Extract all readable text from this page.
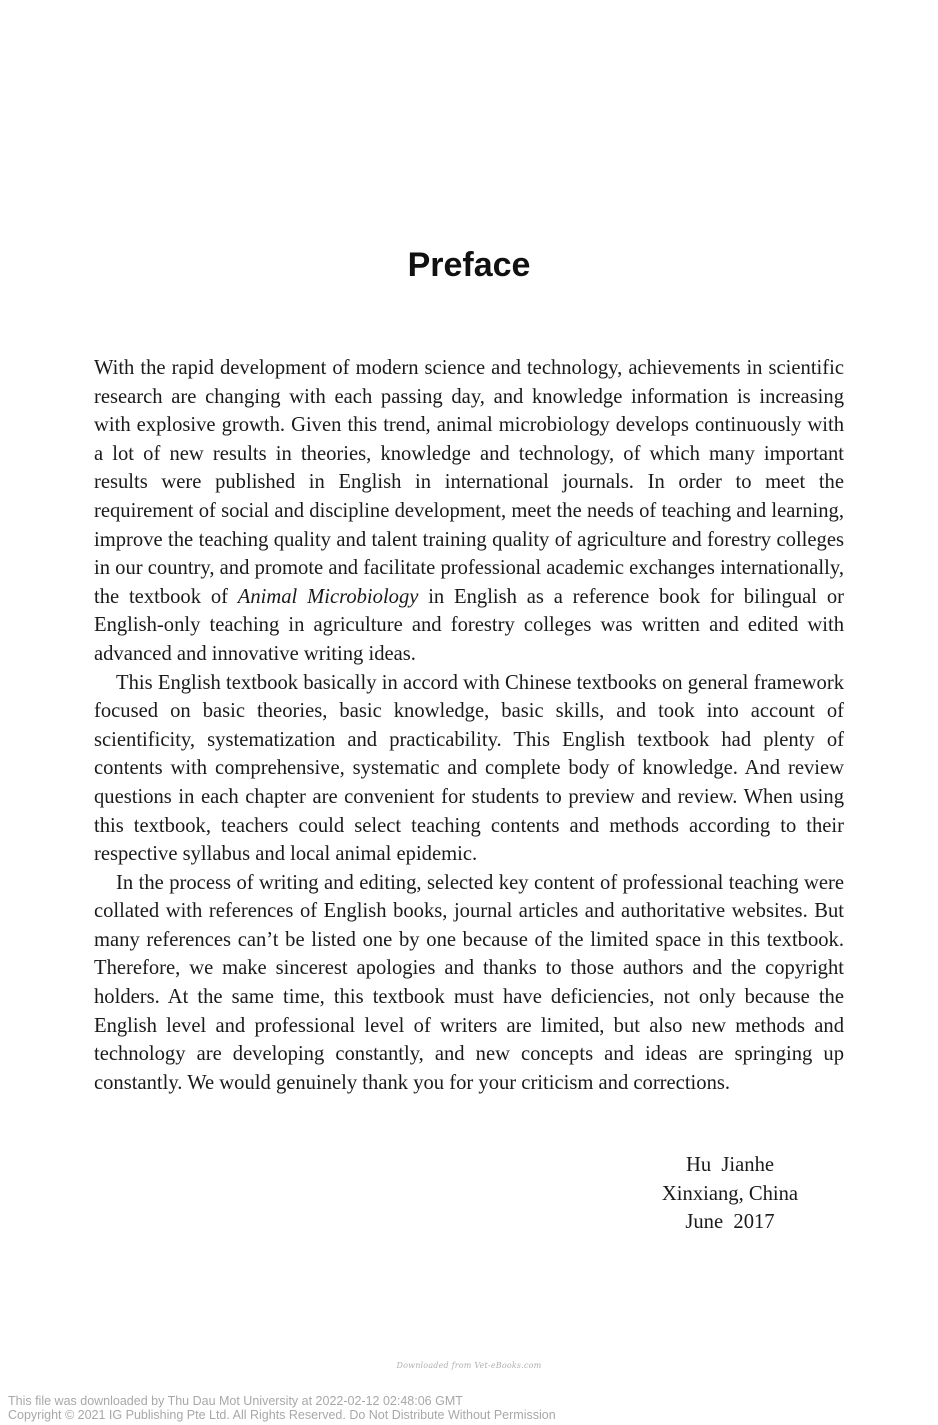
Preface

With the rapid development of modern science and technology, achievements in scientific research are changing with each passing day, and knowledge information is increasing with explosive growth. Given this trend, animal microbiology develops continuously with a lot of new results in theories, knowledge and technology, of which many important results were published in English in international journals. In order to meet the requirement of social and discipline development, meet the needs of teaching and learning, improve the teaching quality and talent training quality of agriculture and forestry colleges in our country, and promote and facilitate professional academic exchanges internationally, the textbook of Animal Microbiology in English as a reference book for bilingual or English-only teaching in agriculture and forestry colleges was written and edited with advanced and innovative writing ideas.

This English textbook basically in accord with Chinese textbooks on general framework focused on basic theories, basic knowledge, basic skills, and took into account of scientificity, systematization and practicability. This English textbook had plenty of contents with comprehensive, systematic and complete body of knowledge. And review questions in each chapter are convenient for students to preview and review. When using this textbook, teachers could select teaching contents and methods according to their respective syllabus and local animal epidemic.

In the process of writing and editing, selected key content of professional teaching were collated with references of English books, journal articles and authoritative websites. But many references can’t be listed one by one because of the limited space in this textbook. Therefore, we make sincerest apologies and thanks to those authors and the copyright holders. At the same time, this textbook must have deficiencies, not only because the English level and professional level of writers are limited, but also new methods and technology are developing constantly, and new concepts and ideas are springing up constantly. We would genuinely thank you for your criticism and corrections.

Hu  Jianhe
Xinxiang, China
June  2017
Downloaded from Vet-eBooks.com
This file was downloaded by Thu Dau Mot University at 2022-02-12 02:48:06 GMT
Copyright © 2021 IG Publishing Pte Ltd. All Rights Reserved. Do Not Distribute Without Permission
